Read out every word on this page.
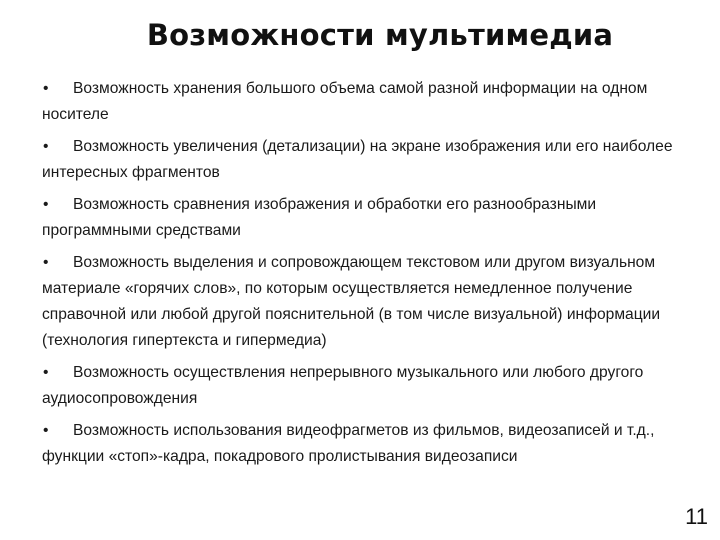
Возможности мультимедиа
• Возможность хранения большого объема самой разной информации на одном носителе
• Возможность увеличения (детализации) на экране изображения или его наиболее интересных фрагментов
• Возможность сравнения изображения и обработки его разнообразными программными средствами
• Возможность выделения и сопровождающем текстовом или другом визуальном материале «горячих слов», по которым осуществляется немедленное получение справочной или любой другой пояснительной (в том числе визуальной) информации (технология гипертекста и гипермедиа)
• Возможность осуществления непрерывного музыкального или любого другого аудиосопровождения
• Возможность использования видеофрагметов из фильмов, видеозаписей и т.д., функции «стоп»-кадра, покадрового пролистывания видеозаписи
11
